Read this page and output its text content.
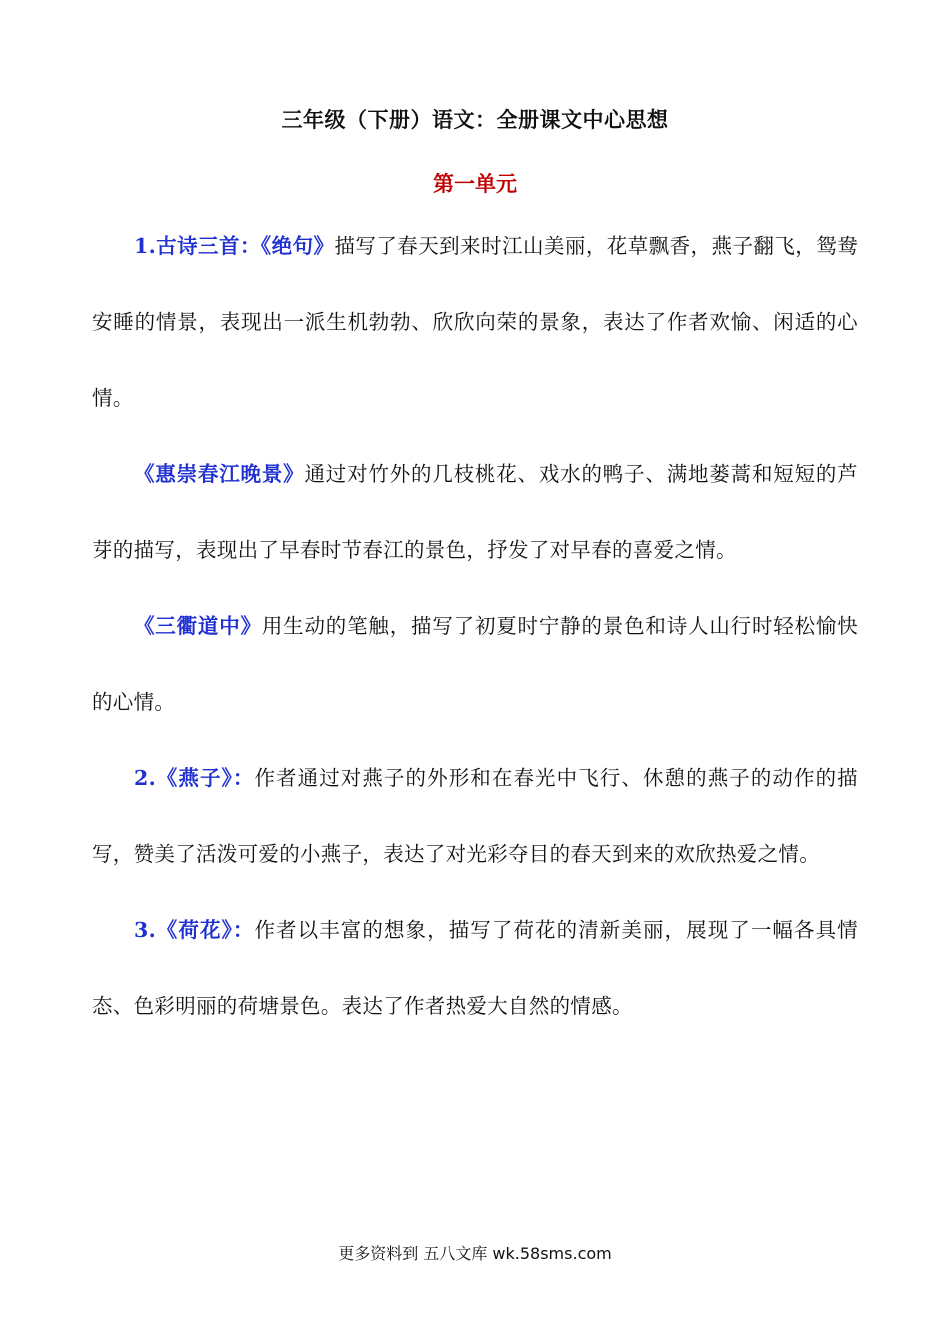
三年级（下册）语文：全册课文中心思想
第一单元

1.古诗三首：《绝句》描写了春天到来时江山美丽，花草飘香，燕子翻飞，鸳鸯安睡的情景，表现出一派生机勃勃、欣欣向荣的景象，表达了作者欢愉、闲适的心情。

《惠崇春江晚景》通过对竹外的几枝桃花、戏水的鸭子、满地蒌蒿和短短的芦芽的描写，表现出了早春时节春江的景色，抒发了对早春的喜爱之情。

《三衢道中》用生动的笔触，描写了初夏时宁静的景色和诗人山行时轻松愉快的心情。

2.《燕子》：作者通过对燕子的外形和在春光中飞行、休憩的燕子的动作的描写，赞美了活泼可爱的小燕子，表达了对光彩夺目的春天到来的欢欣热爱之情。

3.《荷花》：作者以丰富的想象，描写了荷花的清新美丽，展现了一幅各具情态、色彩明丽的荷塘景色。表达了作者热爱大自然的情感。

更多资料到 五八文库 wk.58sms.com
